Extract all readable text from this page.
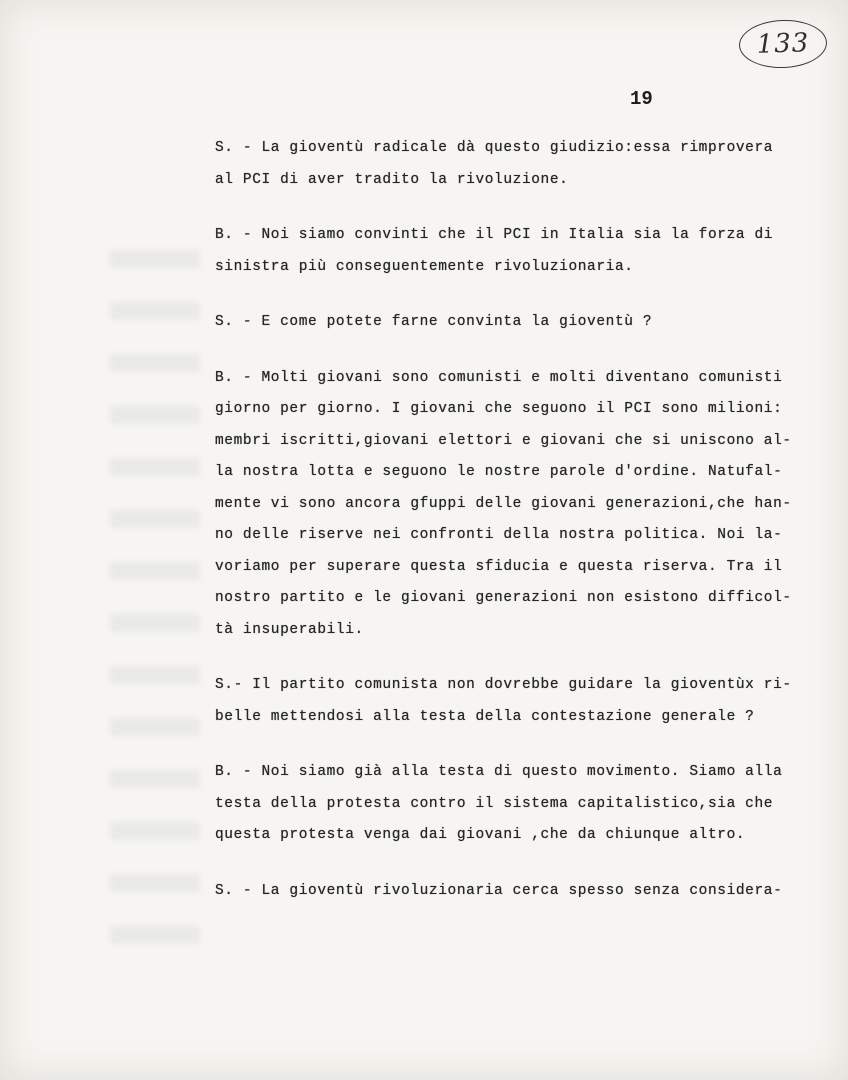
133
19
S. - La gioventù radicale dà questo giudizio:essa rimprovera
al PCI di aver tradito la rivoluzione.
B. - Noi siamo convinti che il PCI in Italia sia la forza di
sinistra più conseguentemente rivoluzionaria.
S. - E come potete farne convinta la gioventù ?
B. - Molti giovani sono comunisti e molti diventano comunisti
giorno per giorno. I giovani che seguono il PCI sono milioni:
membri iscritti,giovani elettori e giovani che si uniscono al-
la nostra lotta e seguono le nostre parole d'ordine. Natufal-
mente vi sono ancora gfuppi delle giovani generazioni,che han-
no delle riserve nei confronti della nostra politica. Noi la-
voriamo per superare questa sfiducia e questa riserva. Tra il
nostro partito e le giovani generazioni non esistono difficol-
tà insuperabili.
S.- Il partito comunista non dovrebbe guidare la gioventùx ri-
belle mettendosi alla testa della contestazione generale ?
B. - Noi siamo già alla testa di questo movimento. Siamo alla
testa della protesta contro il sistema capitalistico,sia che
questa protesta venga dai giovani ,che da chiunque altro.
S. - La gioventù rivoluzionaria cerca spesso senza considera-
